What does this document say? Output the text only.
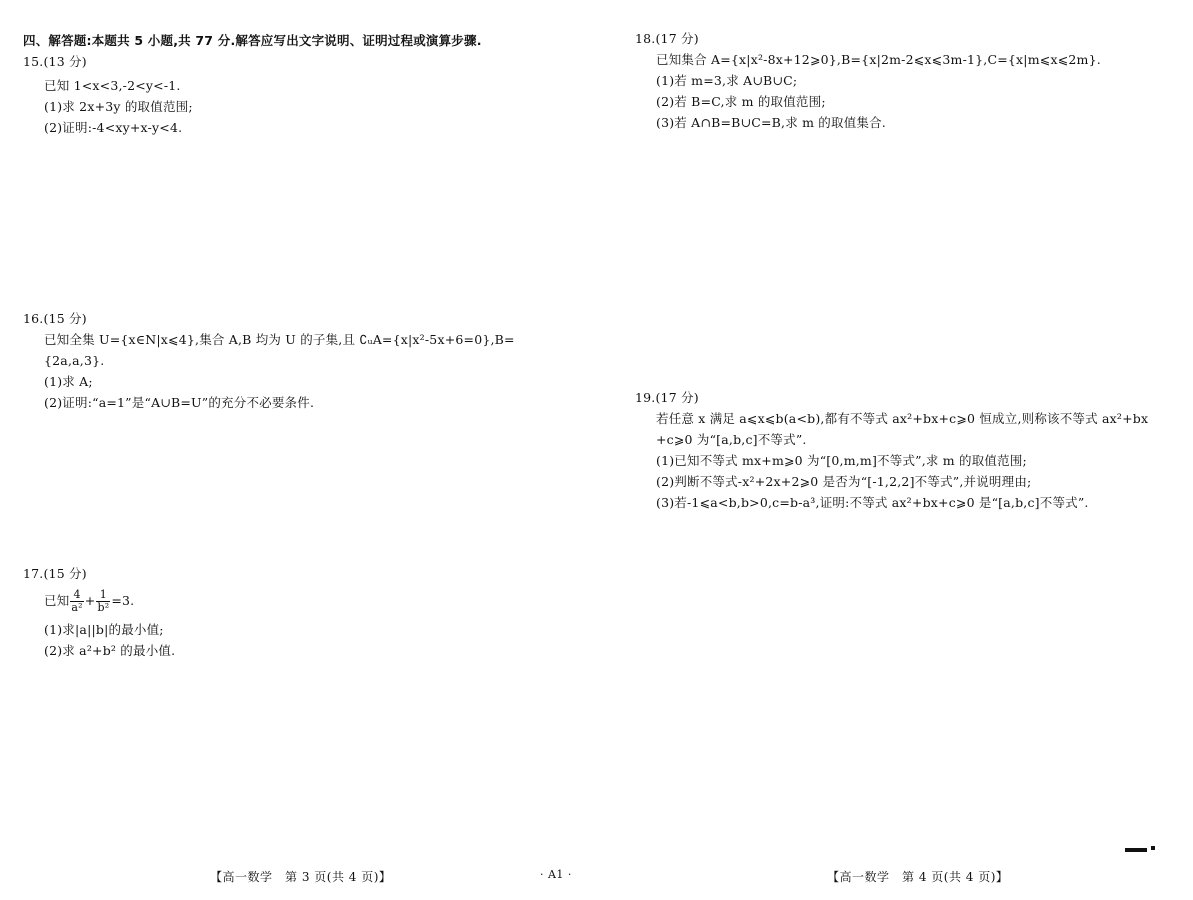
四、解答题:本题共 5 小题,共 77 分.解答应写出文字说明、证明过程或演算步骤.
15.(13 分)
已知 1<x<3,-2<y<-1.
(1)求 2x+3y 的取值范围;
(2)证明:-4<xy+x-y<4.
16.(15 分)
已知全集 U={x∈N|x⩽4},集合 A,B 均为 U 的子集,且 ∁ᵤA={x|x²-5x+6=0},B=
{2a,a,3}.
(1)求 A;
(2)证明:“a=1”是“A∪B=U”的充分不必要条件.
17.(15 分)
已知 $\frac{4}{\text{a²}} + \frac{1}{\text{b²}} =3$.
(1)求|a||b|的最小值;
(2)求 a²+b² 的最小值.
【高一数学　第 3 页(共 4 页)】	· A1 ·
18.(17 分)
已知集合 A={x|x²-8x+12⩾0},B={x|2m-2⩽x⩽3m-1},C={x|m⩽x⩽2m}.
(1)若 m=3,求 A∪B∪C;
(2)若 B=C,求 m 的取值范围;
(3)若 A∩B=B∪C=B,求 m 的取值集合.
19.(17 分)
若任意 x 满足 a⩽x⩽b(a<b),都有不等式 ax²+bx+c⩾0 恒成立,则称该不等式 ax²+bx
+c⩾0 为“[a,b,c]不等式”.
(1)已知不等式 mx+m⩾0 为“[0,m,m]不等式”,求 m 的取值范围;
(2)判断不等式-x²+2x+2⩾0 是否为“[-1,2,2]不等式”,并说明理由;
(3)若-1⩽a<b,b>0,c=b-a³,证明:不等式 ax²+bx+c⩾0 是“[a,b,c]不等式”.
【高一数学　第 4 页(共 4 页)】
